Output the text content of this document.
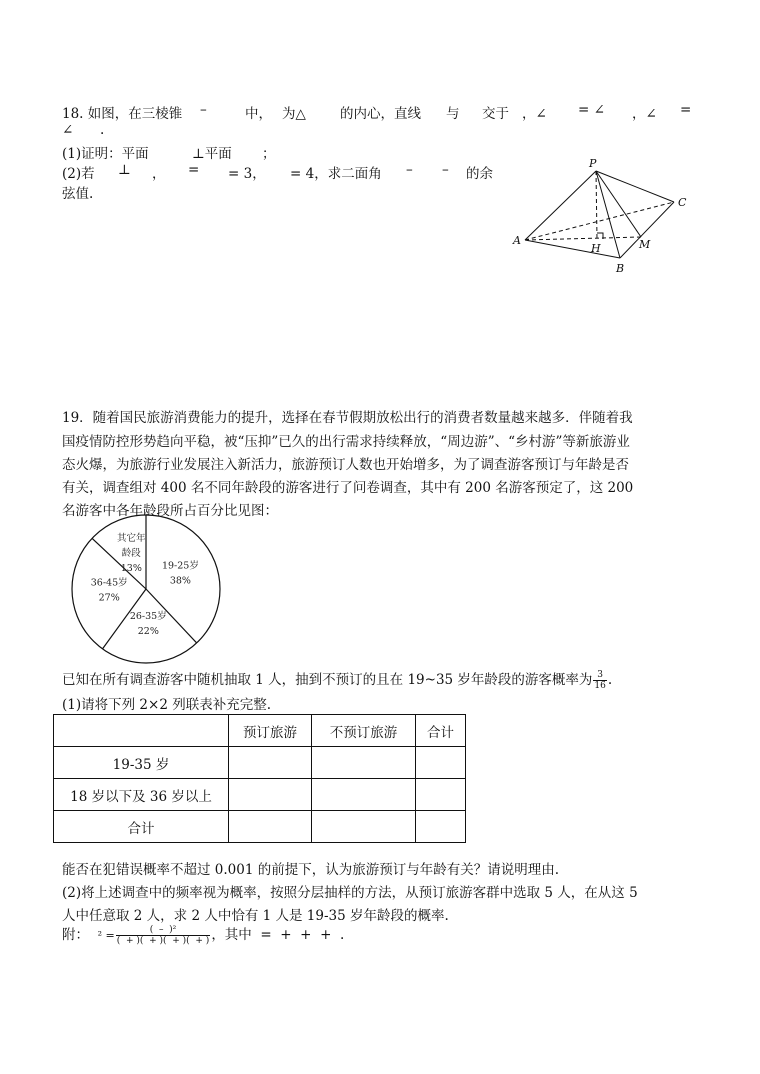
18. 如图，在三棱锥 –	中， 为△	的内心，直线 与 交于 ，∠ = ∠ ，∠ =
∠ .
(1)证明：平面	⊥平面 ；
(2)若 ⊥ ， = = 3， = 4，求二面角 – – 的余
弦值.
P
C
A
H	M
B
19．随着国民旅游消费能力的提升，选择在春节假期放松出行的消费者数量越来越多．伴随着我
国疫情防控形势趋向平稳，被“压抑”已久的出行需求持续释放，“周边游”、“乡村游”等新旅游业
态火爆，为旅游行业发展注入新活力，旅游预订人数也开始增多，为了调查游客预订与年龄是否
有关，调查组对 400 名不同年龄段的游客进行了问卷调查，其中有 200 名游客预定了，这 200
名游客中各年龄段所占百分比见图：
19-25岁
38%
26-35岁
22%
36-45岁
27%
其它年
龄段
13%
已知在所有调查游客中随机抽取 1 人，抽到不预订的且在 19~35 岁年龄段的游客概率为 $\frac{3}{16}$ .
(1)请将下列 2×2 列联表补充完整.
	预订旅游	不预订旅游	合计
19-35 岁			
18 岁以下及 36 岁以上			
合计			
能否在犯错误概率不超过 0.001 的前提下，认为旅游预订与年龄有关？请说明理由.
(2)将上述调查中的频率视为概率，按照分层抽样的方法，从预订旅游客群中选取 5 人，在从这 5
人中任意取 2 人，求 2 人中恰有 1 人是 19-35 岁年龄段的概率.
附： $^2 = \frac{\text{(  –  )²}}{( + )( + )( + )( + )}$ ，其中  =  +  +  +  .
